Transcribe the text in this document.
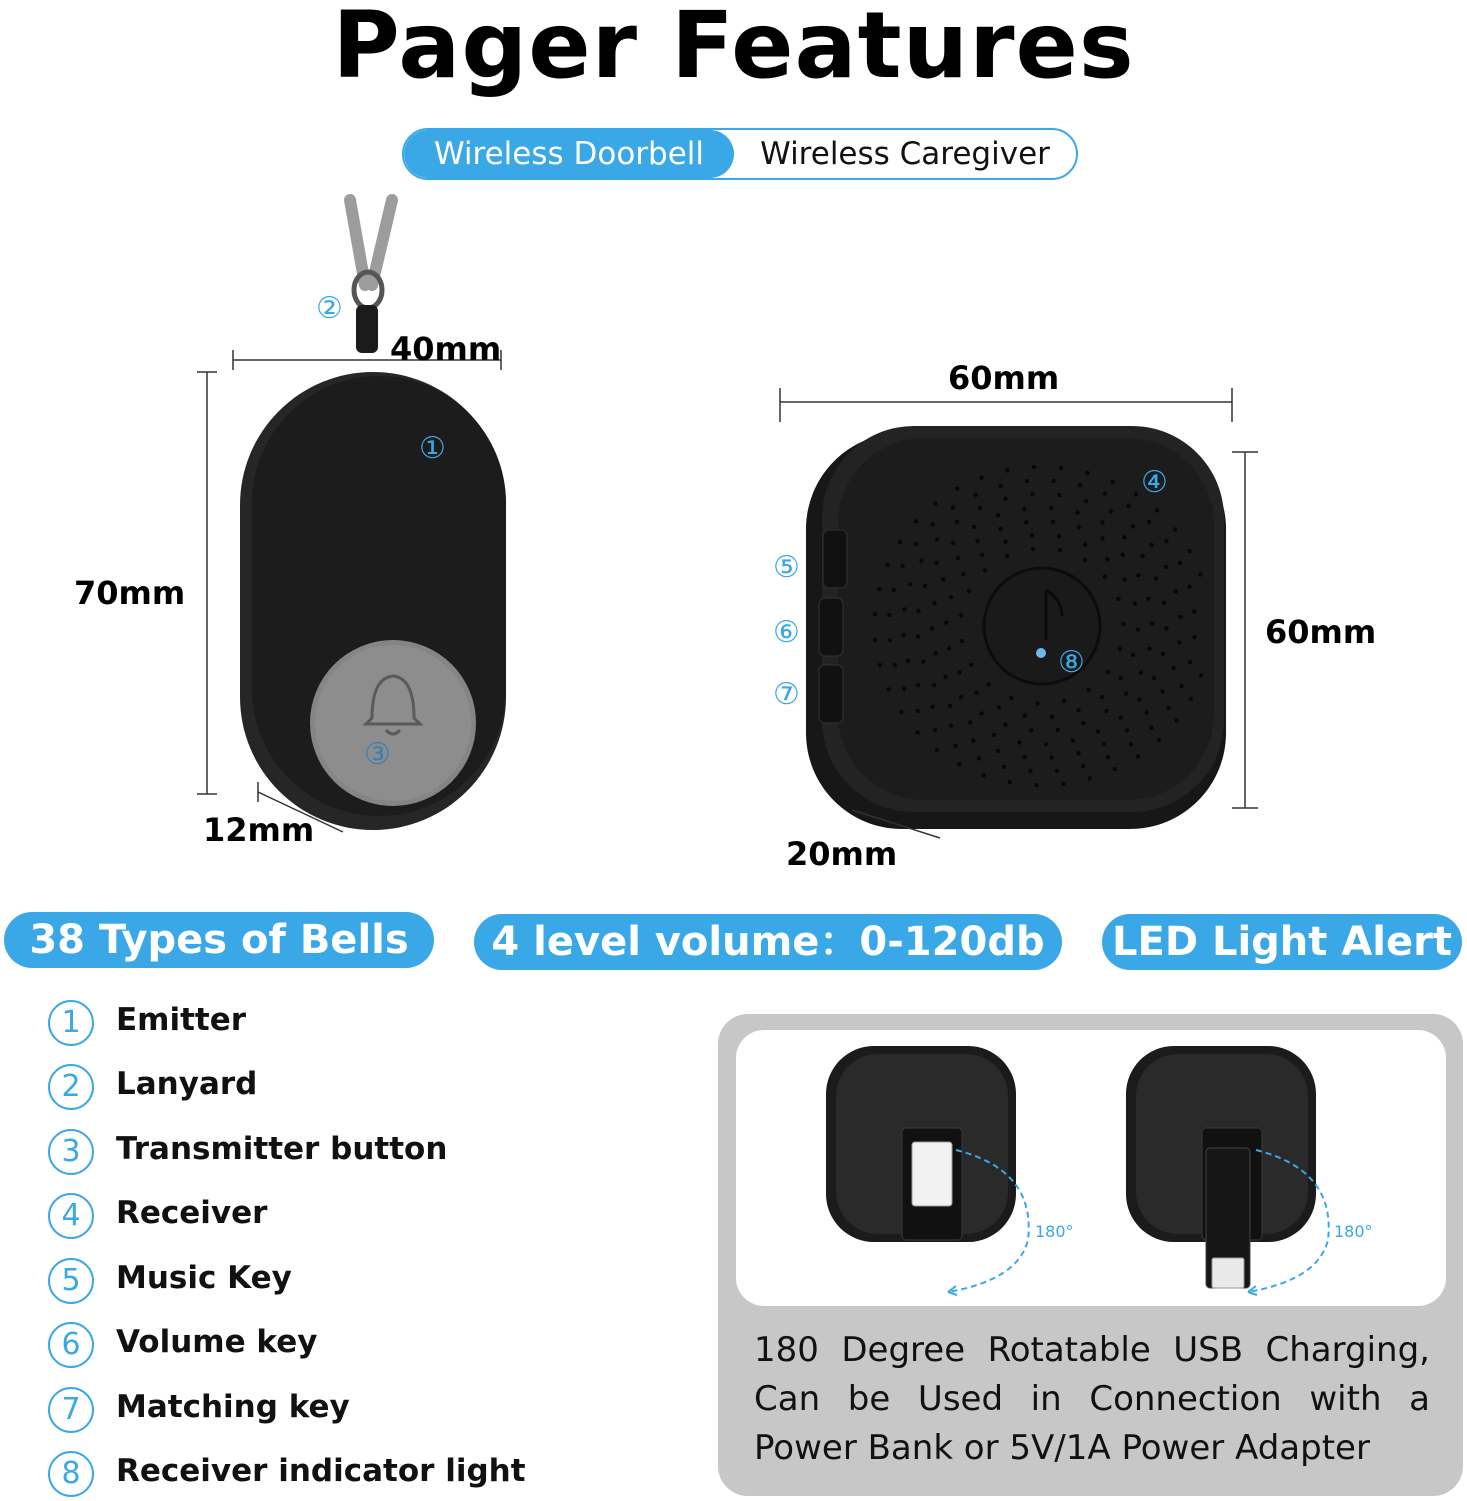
Pager Features
Wireless Doorbell	Wireless Caregiver
40mm
70mm
12mm
60mm
60mm
20mm
①
②
③
④
⑤
⑥
⑦
⑧
38 Types of Bells	4 level volume：0-120db	LED Light Alert
1	Emitter
2	Lanyard
3	Transmitter button
4	Receiver
5	Music Key
6	Volume key
7	Matching key
8	Receiver indicator light
180°	180°
180 Degree Rotatable USB Charging, Can be Used in Connection with a Power Bank or 5V/1A Power Adapter
